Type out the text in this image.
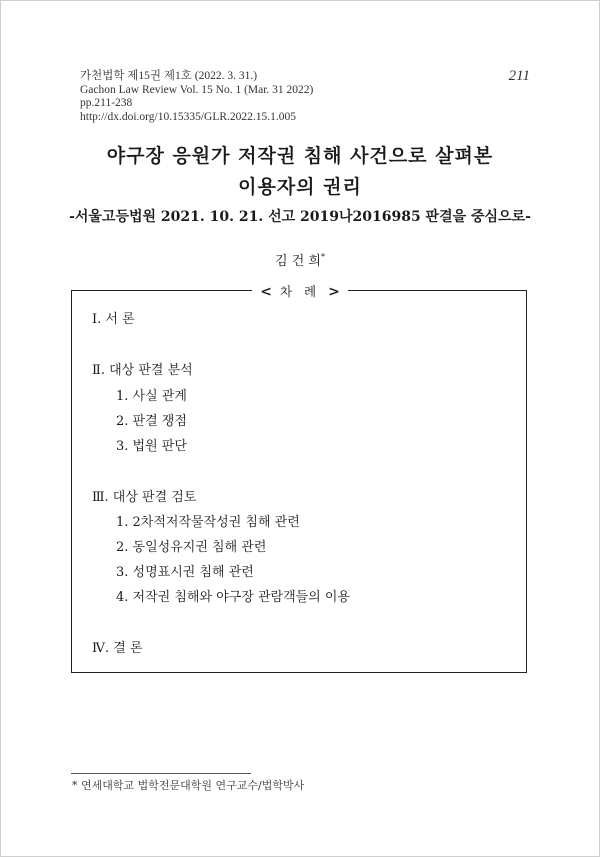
가천법학 제15권 제1호 (2022. 3. 31.)
Gachon Law Review Vol. 15 No. 1 (Mar. 31 2022)
pp.211-238
http://dx.doi.org/10.15335/GLR.2022.15.1.005
211
야구장 응원가 저작권 침해 사건으로 살펴본
이용자의 권리
-서울고등법원 2021. 10. 21. 선고 2019나2016985 판결을 중심으로-
김 건 희*
< 차 례 >
Ⅰ. 서 론
Ⅱ. 대상 판결 분석
1. 사실 관계
2. 판결 쟁점
3. 법원 판단
Ⅲ. 대상 판결 검토
1. 2차적저작물작성권 침해 관련
2. 동일성유지권 침해 관련
3. 성명표시권 침해 관련
4. 저작권 침해와 야구장 관람객들의 이용
Ⅳ. 결 론
* 연세대학교 법학전문대학원 연구교수/법학박사
